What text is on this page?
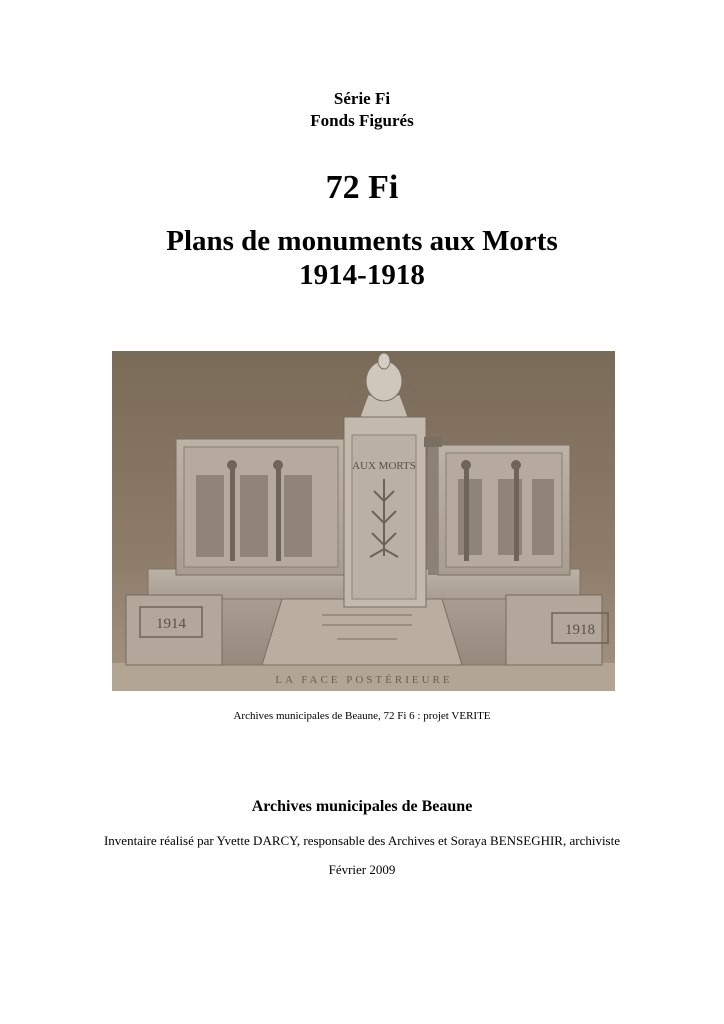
Série Fi
Fonds Figurés
72 Fi
Plans de monuments aux Morts
1914-1918
1914	1918
AUX MORTS
LA FACE POSTÉRIEURE
Archives municipales de Beaune, 72 Fi 6 : projet VERITE
Archives municipales de Beaune
Inventaire réalisé par Yvette DARCY, responsable des Archives et Soraya BENSEGHIR, archiviste
Février 2009
